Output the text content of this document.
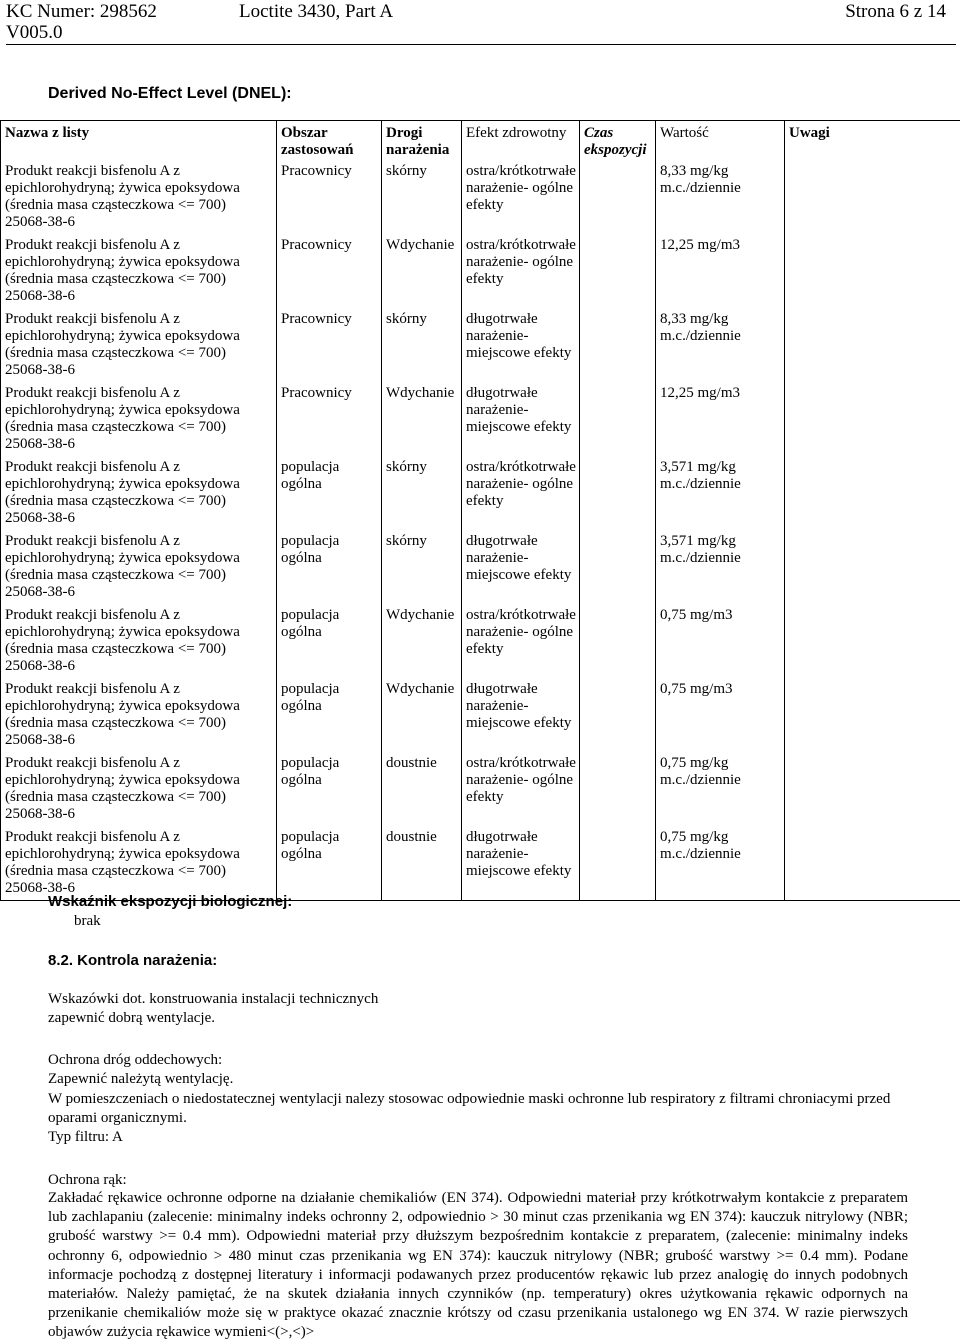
KC Numer: 298562	Loctite 3430, Part A	Strona 6 z 14
V005.0
Derived No-Effect Level (DNEL):
Nazwa z listy	Obszar zastosowań	Drogi narażenia	Efekt zdrowotny	Czas ekspozycji	Wartość	Uwagi
Produkt reakcji bisfenolu A z epichlorohydryną; żywica epoksydowa (średnia masa cząsteczkowa <= 700) 25068-38-6	Pracownicy	skórny	ostra/krótkotrwałe narażenie- ogólne efekty		8,33 mg/kg m.c./dziennie	
Produkt reakcji bisfenolu A z epichlorohydryną; żywica epoksydowa (średnia masa cząsteczkowa <= 700) 25068-38-6	Pracownicy	Wdychanie	ostra/krótkotrwałe narażenie- ogólne efekty		12,25 mg/m3	
Produkt reakcji bisfenolu A z epichlorohydryną; żywica epoksydowa (średnia masa cząsteczkowa <= 700) 25068-38-6	Pracownicy	skórny	długotrwałe narażenie- miejscowe efekty		8,33 mg/kg m.c./dziennie	
Produkt reakcji bisfenolu A z epichlorohydryną; żywica epoksydowa (średnia masa cząsteczkowa <= 700) 25068-38-6	Pracownicy	Wdychanie	długotrwałe narażenie- miejscowe efekty		12,25 mg/m3	
Produkt reakcji bisfenolu A z epichlorohydryną; żywica epoksydowa (średnia masa cząsteczkowa <= 700) 25068-38-6	populacja ogólna	skórny	ostra/krótkotrwałe narażenie- ogólne efekty		3,571 mg/kg m.c./dziennie	
Produkt reakcji bisfenolu A z epichlorohydryną; żywica epoksydowa (średnia masa cząsteczkowa <= 700) 25068-38-6	populacja ogólna	skórny	długotrwałe narażenie- miejscowe efekty		3,571 mg/kg m.c./dziennie	
Produkt reakcji bisfenolu A z epichlorohydryną; żywica epoksydowa (średnia masa cząsteczkowa <= 700) 25068-38-6	populacja ogólna	Wdychanie	ostra/krótkotrwałe narażenie- ogólne efekty		0,75 mg/m3	
Produkt reakcji bisfenolu A z epichlorohydryną; żywica epoksydowa (średnia masa cząsteczkowa <= 700) 25068-38-6	populacja ogólna	Wdychanie	długotrwałe narażenie- miejscowe efekty		0,75 mg/m3	
Produkt reakcji bisfenolu A z epichlorohydryną; żywica epoksydowa (średnia masa cząsteczkowa <= 700) 25068-38-6	populacja ogólna	doustnie	ostra/krótkotrwałe narażenie- ogólne efekty		0,75 mg/kg m.c./dziennie	
Produkt reakcji bisfenolu A z epichlorohydryną; żywica epoksydowa (średnia masa cząsteczkowa <= 700) 25068-38-6	populacja ogólna	doustnie	długotrwałe narażenie- miejscowe efekty		0,75 mg/kg m.c./dziennie	
Wskaźnik ekspozycji biologicznej:
brak
8.2. Kontrola narażenia:
Wskazówki dot. konstruowania instalacji technicznych
zapewnić dobrą wentylacje.
Ochrona dróg oddechowych:
Zapewnić należytą wentylację.
W pomieszczeniach o niedostatecznej wentylacji nalezy stosowac odpowiednie maski ochronne lub respiratory z filtrami chroniacymi przed oparami organicznymi.
Typ filtru: A
Ochrona rąk:
Zakładać rękawice ochronne odporne na działanie chemikaliów (EN 374). Odpowiedni materiał przy krótkotrwałym kontakcie z preparatem lub zachlapaniu (zalecenie: minimalny indeks ochronny 2, odpowiednio > 30 minut czas przenikania wg EN 374): kauczuk nitrylowy (NBR; grubość warstwy >= 0.4 mm). Odpowiedni materiał przy dłuższym bezpośrednim kontakcie z preparatem, (zalecenie: minimalny indeks ochronny 6, odpowiednio > 480 minut czas przenikania wg EN 374): kauczuk nitrylowy (NBR; grubość warstwy >= 0.4 mm). Podane informacje pochodzą z dostępnej literatury i informacji podawanych przez producentów rękawic lub przez analogię do innych podobnych materiałów. Należy pamiętać, że na skutek działania innych czynników (np. temperatury) okres użytkowania rękawic odpornych na przenikanie chemikaliów może się w praktyce okazać znacznie krótszy od czasu przenikania ustalonego wg EN 374. W razie pierwszych objawów zużycia rękawice wymieni<(>,<)>
